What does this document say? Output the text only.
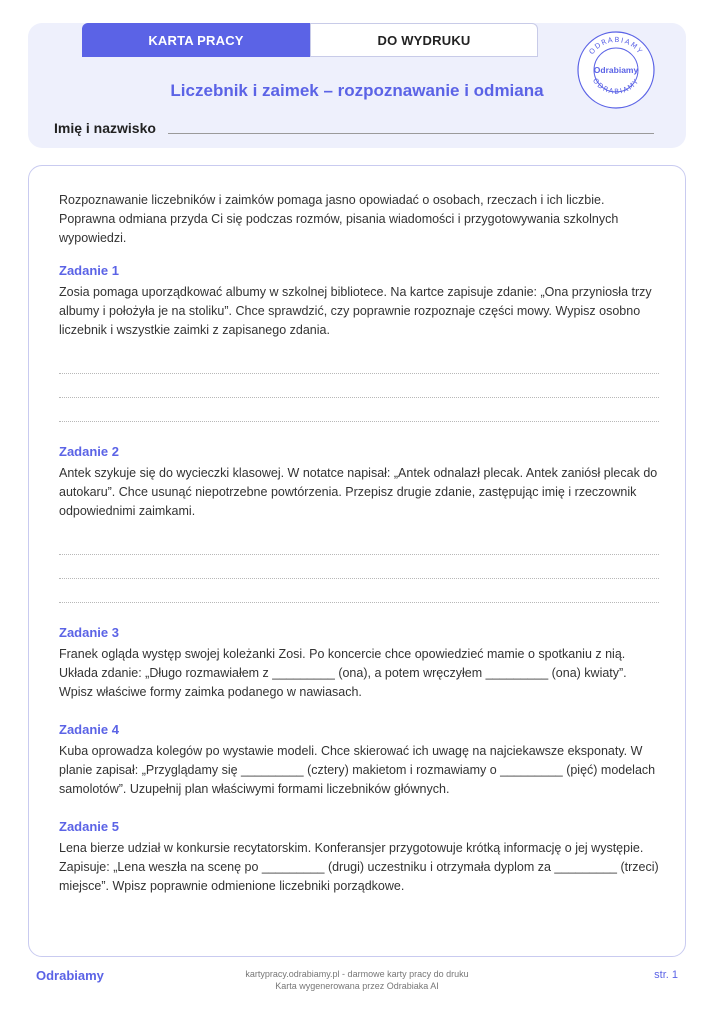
KARTA PRACY	DO WYDRUKU
Liczebnik i zaimek – rozpoznawanie i odmiana
Imię i nazwisko
ODRABIAMY
ODRABIAMY
Odrabiamy

Rozpoznawanie liczebników i zaimków pomaga jasno opowiadać o osobach, rzeczach i ich liczbie. Poprawna odmiana przyda Ci się podczas rozmów, pisania wiadomości i przygotowywania szkolnych wypowiedzi.

Zadanie 1
Zosia pomaga uporządkować albumy w szkolnej bibliotece. Na kartce zapisuje zdanie: „Ona przyniosła trzy albumy i położyła je na stoliku”. Chce sprawdzić, czy poprawnie rozpoznaje części mowy. Wypisz osobno liczebnik i wszystkie zaimki z zapisanego zdania.
Zadanie 2
Antek szykuje się do wycieczki klasowej. W notatce napisał: „Antek odnalazł plecak. Antek zaniósł plecak do autokaru”. Chce usunąć niepotrzebne powtórzenia. Przepisz drugie zdanie, zastępując imię i rzeczownik odpowiednimi zaimkami.
Zadanie 3
Franek ogląda występ swojej koleżanki Zosi. Po koncercie chce opowiedzieć mamie o spotkaniu z nią. Układa zdanie: „Długo rozmawiałem z _________ (ona), a potem wręczyłem _________ (ona) kwiaty”. Wpisz właściwe formy zaimka podanego w nawiasach.
Zadanie 4
Kuba oprowadza kolegów po wystawie modeli. Chce skierować ich uwagę na najciekawsze eksponaty. W planie zapisał: „Przyglądamy się _________ (cztery) makietom i rozmawiamy o _________ (pięć) modelach samolotów”. Uzupełnij plan właściwymi formami liczebników głównych.
Zadanie 5
Lena bierze udział w konkursie recytatorskim. Konferansjer przygotowuje krótką informację o jej występie. Zapisuje: „Lena weszła na scenę po _________ (drugi) uczestniku i otrzymała dyplom za _________ (trzeci) miejsce”. Wpisz poprawnie odmienione liczebniki porządkowe.
Odrabiamy	kartypracy.odrabiamy.pl - darmowe karty pracy do druku
Karta wygenerowana przez Odrabiaka AI
str. 1
